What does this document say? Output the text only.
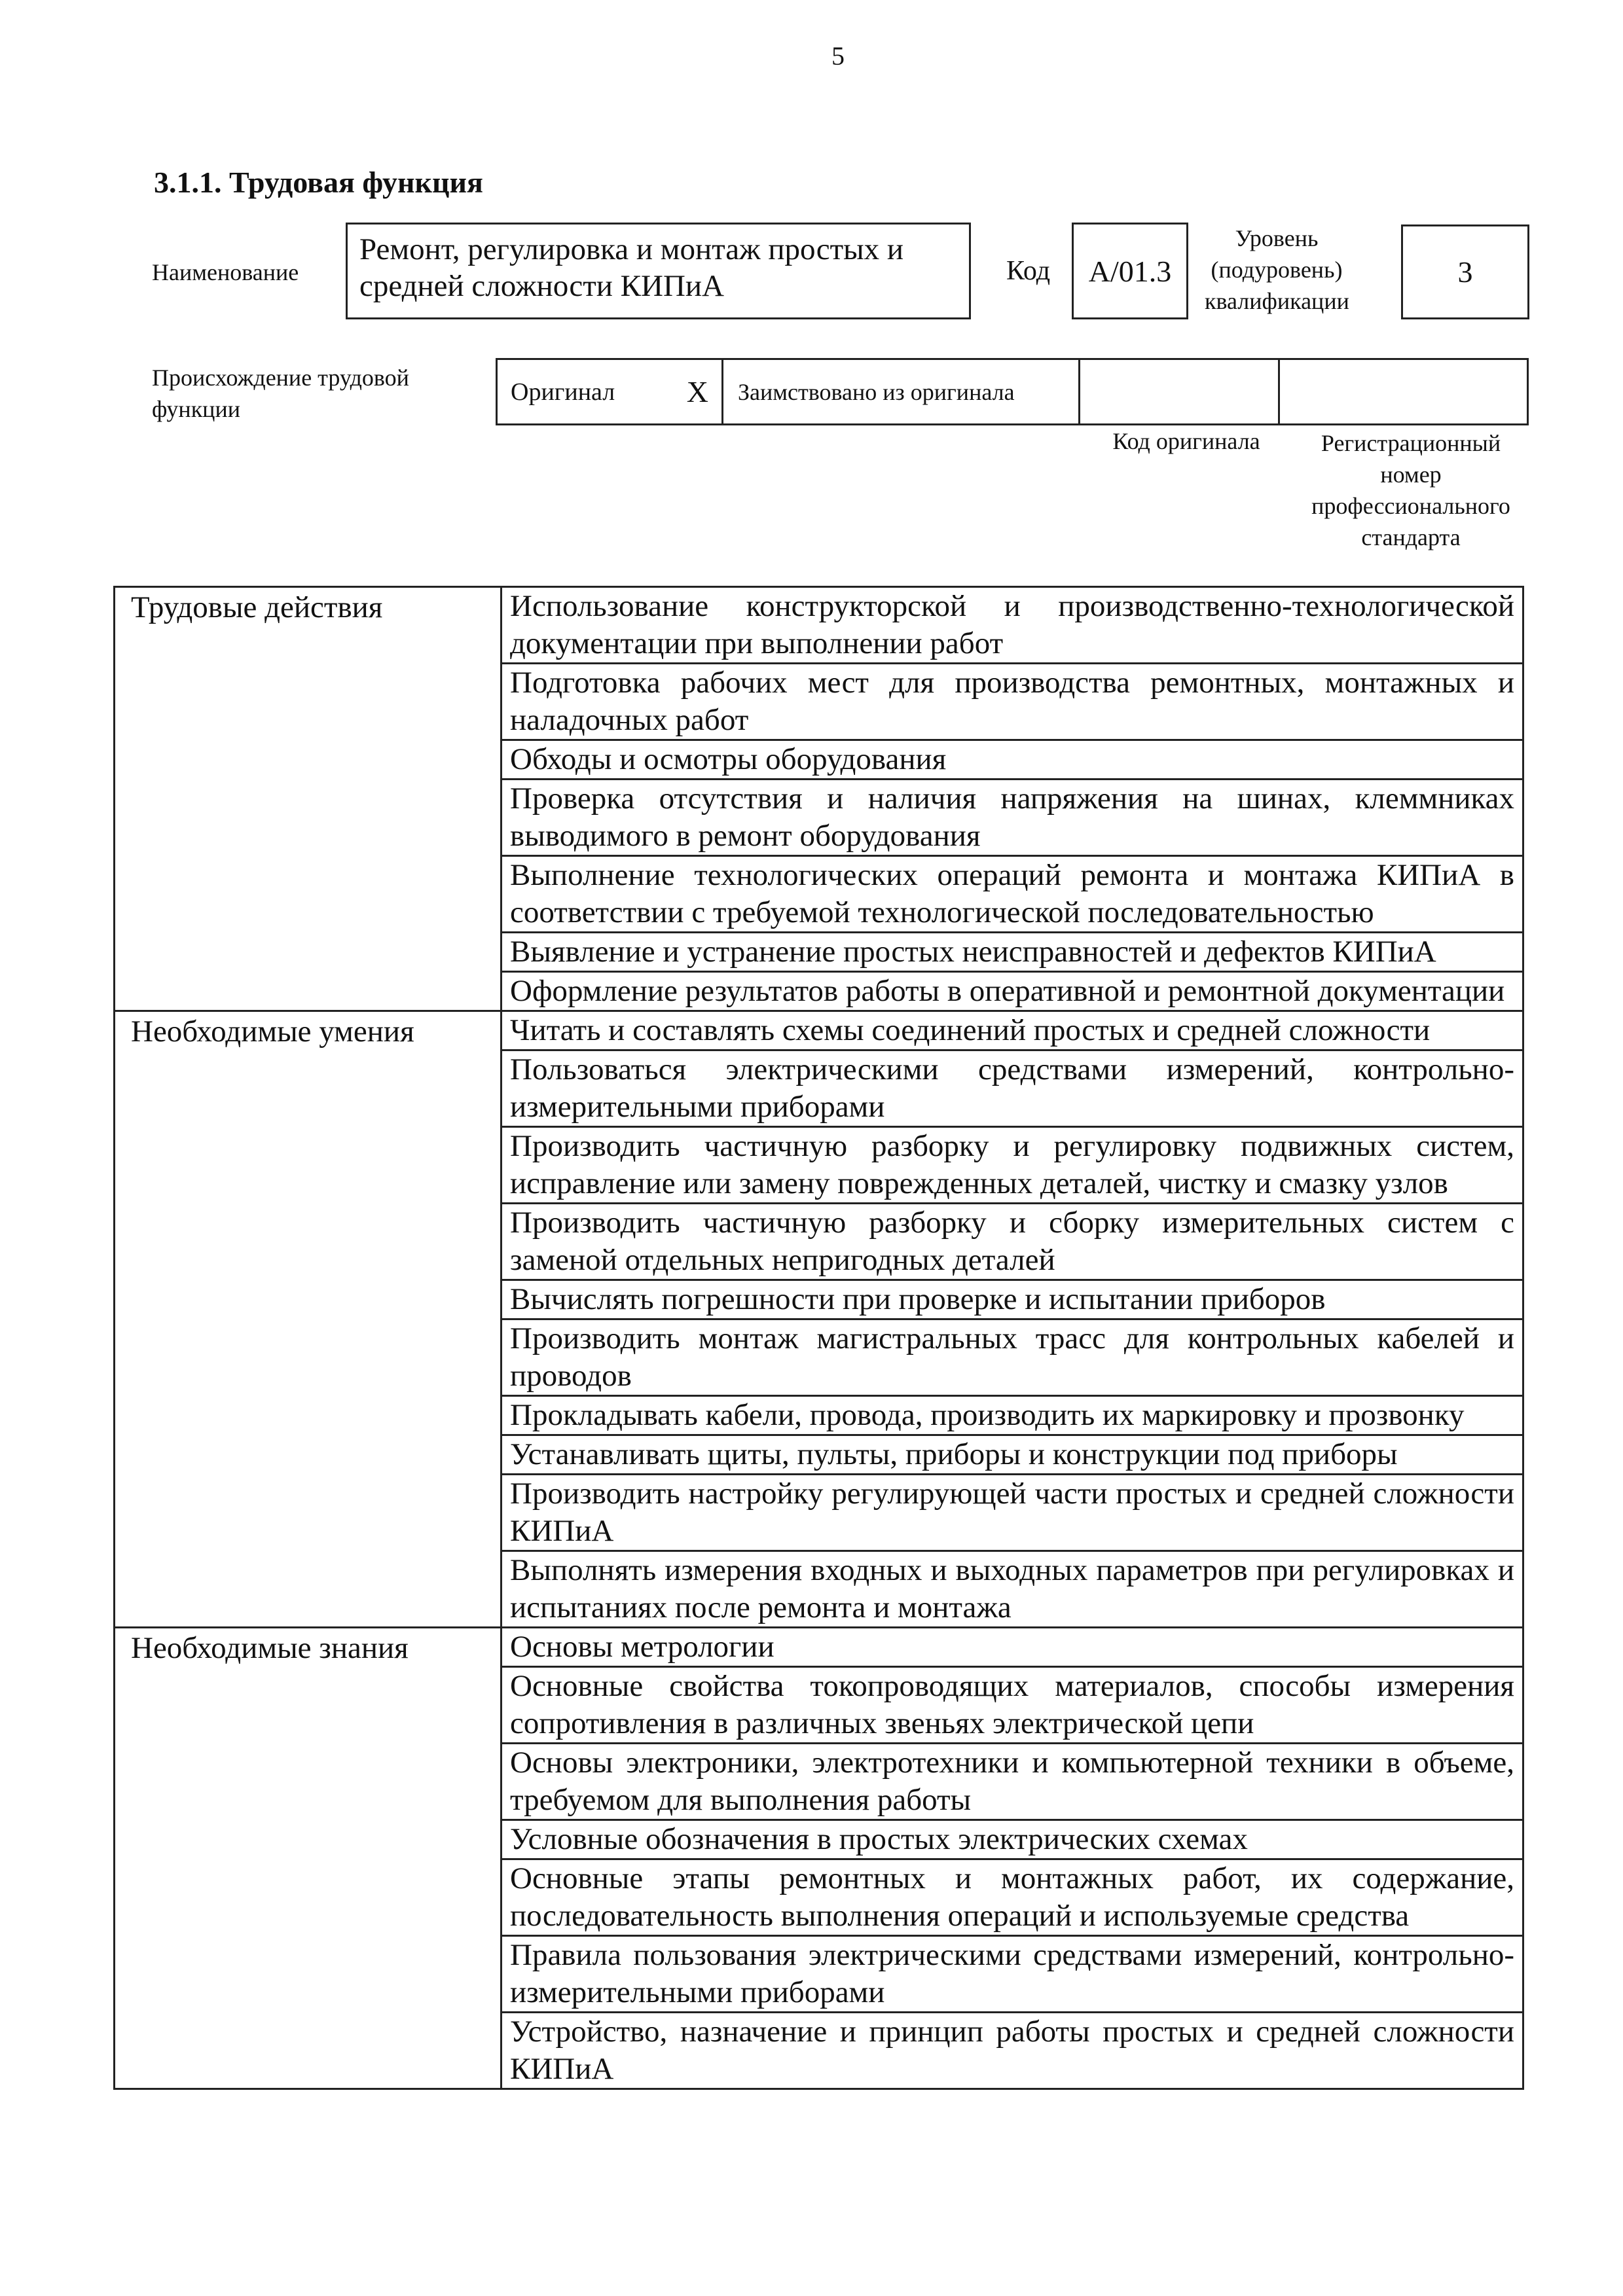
5
3.1.1. Трудовая функция
Наименование
Ремонт, регулировка и монтаж простых и средней сложности КИПиА	Код	A/01.3
Уровень (подуровень) квалификации
3
Происхождение трудовой функции
Оригинал X	Заимствовано из оригинала
Код оригинала	Регистрационный номер профессионального стандарта
Трудовые действия	Использование конструкторской и производственно-технологической документации при выполнении работ
	Подготовка рабочих мест для производства ремонтных, монтажных и наладочных работ
	Обходы и осмотры оборудования
	Проверка отсутствия и наличия напряжения на шинах, клеммниках выводимого в ремонт оборудования
	Выполнение технологических операций ремонта и монтажа КИПиА в соответствии с требуемой технологической последовательностью
	Выявление и устранение простых неисправностей и дефектов КИПиА
	Оформление результатов работы в оперативной и ремонтной документации
Необходимые умения	Читать и составлять схемы соединений простых и средней сложности
	Пользоваться электрическими средствами измерений, контрольно-измерительными приборами
	Производить частичную разборку и регулировку подвижных систем, исправление или замену поврежденных деталей, чистку и смазку узлов
	Производить частичную разборку и сборку измерительных систем с заменой отдельных непригодных деталей
	Вычислять погрешности при проверке и испытании приборов
	Производить монтаж магистральных трасс для контрольных кабелей и проводов
	Прокладывать кабели, провода, производить их маркировку и прозвонку
	Устанавливать щиты, пульты, приборы и конструкции под приборы
	Производить настройку регулирующей части простых и средней сложности КИПиА
	Выполнять измерения входных и выходных параметров при регулировках и испытаниях после ремонта и монтажа
Необходимые знания	Основы метрологии
	Основные свойства токопроводящих материалов, способы измерения сопротивления в различных звеньях электрической цепи
	Основы электроники, электротехники и компьютерной техники в объеме, требуемом для выполнения работы
	Условные обозначения в простых электрических схемах
	Основные этапы ремонтных и монтажных работ, их содержание, последовательность выполнения операций и используемые средства
	Правила пользования электрическими средствами измерений, контрольно-измерительными приборами
	Устройство, назначение и принцип работы простых и средней сложности КИПиА
